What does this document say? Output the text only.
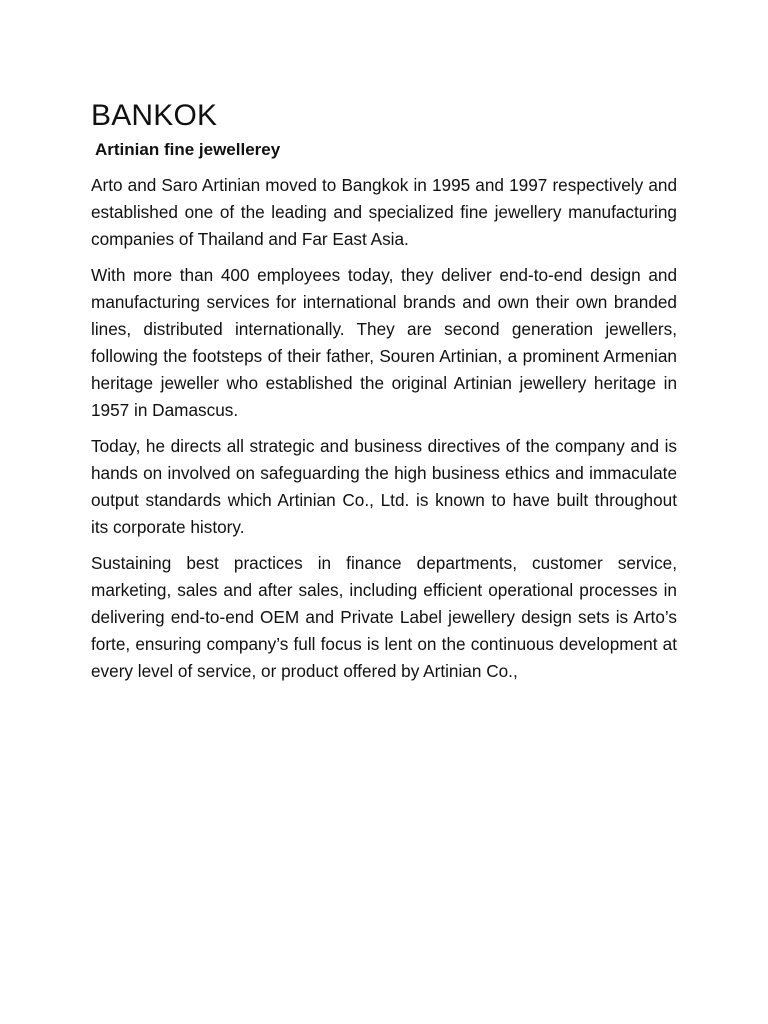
BANKOK
Artinian fine jewellerey

Arto and Saro Artinian moved to Bangkok in 1995 and 1997 respectively and established one of the leading and specialized fine jewellery manufacturing companies of Thailand and Far East Asia.

With more than 400 employees today, they deliver end-to-end design and manufacturing services for international brands and own their own branded lines, distributed internationally. They are second generation jewellers, following the footsteps of their father, Souren Artinian, a prominent Armenian heritage jeweller who established the original Artinian jewellery heritage in 1957 in Damascus.

Today, he directs all strategic and business directives of the company and is hands on involved on safeguarding the high business ethics and immaculate output standards which Artinian Co., Ltd. is known to have built throughout its corporate history.

Sustaining best practices in finance departments, customer service, marketing, sales and after sales, including efficient operational processes in delivering end-to-end OEM and Private Label jewellery design sets is Arto’s forte, ensuring company’s full focus is lent on the continuous development at every level of service, or product offered by Artinian Co.,
